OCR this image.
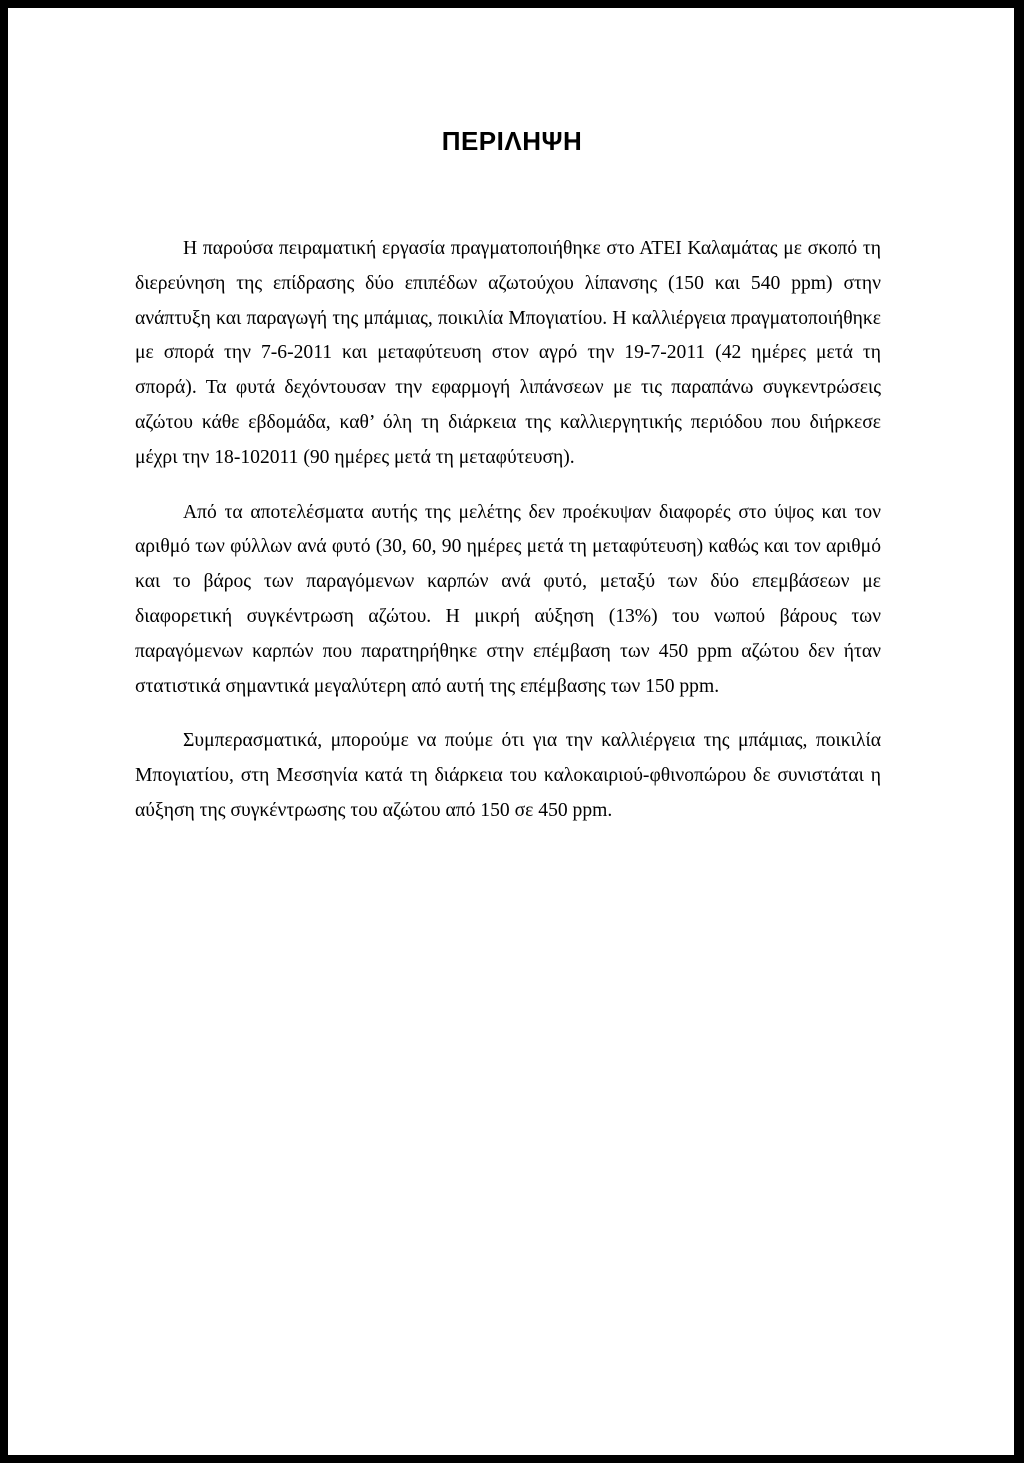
ΠΕΡΙΛΗΨΗ

Η παρούσα πειραματική εργασία πραγματοποιήθηκε στο ΑΤΕΙ Καλαμάτας με σκοπό τη διερεύνηση της επίδρασης δύο επιπέδων αζωτούχου λίπανσης (150 και 540 ppm) στην ανάπτυξη και παραγωγή της μπάμιας, ποικιλία Μπογιατίου. Η καλλιέργεια πραγματοποιήθηκε με σπορά την 7-6-2011 και μεταφύτευση στον αγρό την 19-7-2011 (42 ημέρες μετά τη σπορά). Τα φυτά δεχόντουσαν την εφαρμογή λιπάνσεων με τις παραπάνω συγκεντρώσεις αζώτου κάθε εβδομάδα, καθ’ όλη τη διάρκεια της καλλιεργητικής περιόδου που διήρκεσε μέχρι την 18-102011 (90 ημέρες μετά τη μεταφύτευση).

Από τα αποτελέσματα αυτής της μελέτης δεν προέκυψαν διαφορές στο ύψος και τον αριθμό των φύλλων ανά φυτό (30, 60, 90 ημέρες μετά τη μεταφύτευση) καθώς και τον αριθμό και το βάρος των παραγόμενων καρπών ανά φυτό, μεταξύ των δύο επεμβάσεων με διαφορετική συγκέντρωση αζώτου. Η μικρή αύξηση (13%) του νωπού βάρους των παραγόμενων καρπών που παρατηρήθηκε στην επέμβαση των 450 ppm αζώτου δεν ήταν στατιστικά σημαντικά μεγαλύτερη από αυτή της επέμβασης των 150 ppm.

Συμπερασματικά, μπορούμε να πούμε ότι για την καλλιέργεια της μπάμιας, ποικιλία Μπογιατίου, στη Μεσσηνία κατά τη διάρκεια του καλοκαιριού-φθινοπώρου δε συνιστάται η αύξηση της συγκέντρωσης του αζώτου από 150 σε 450 ppm.
